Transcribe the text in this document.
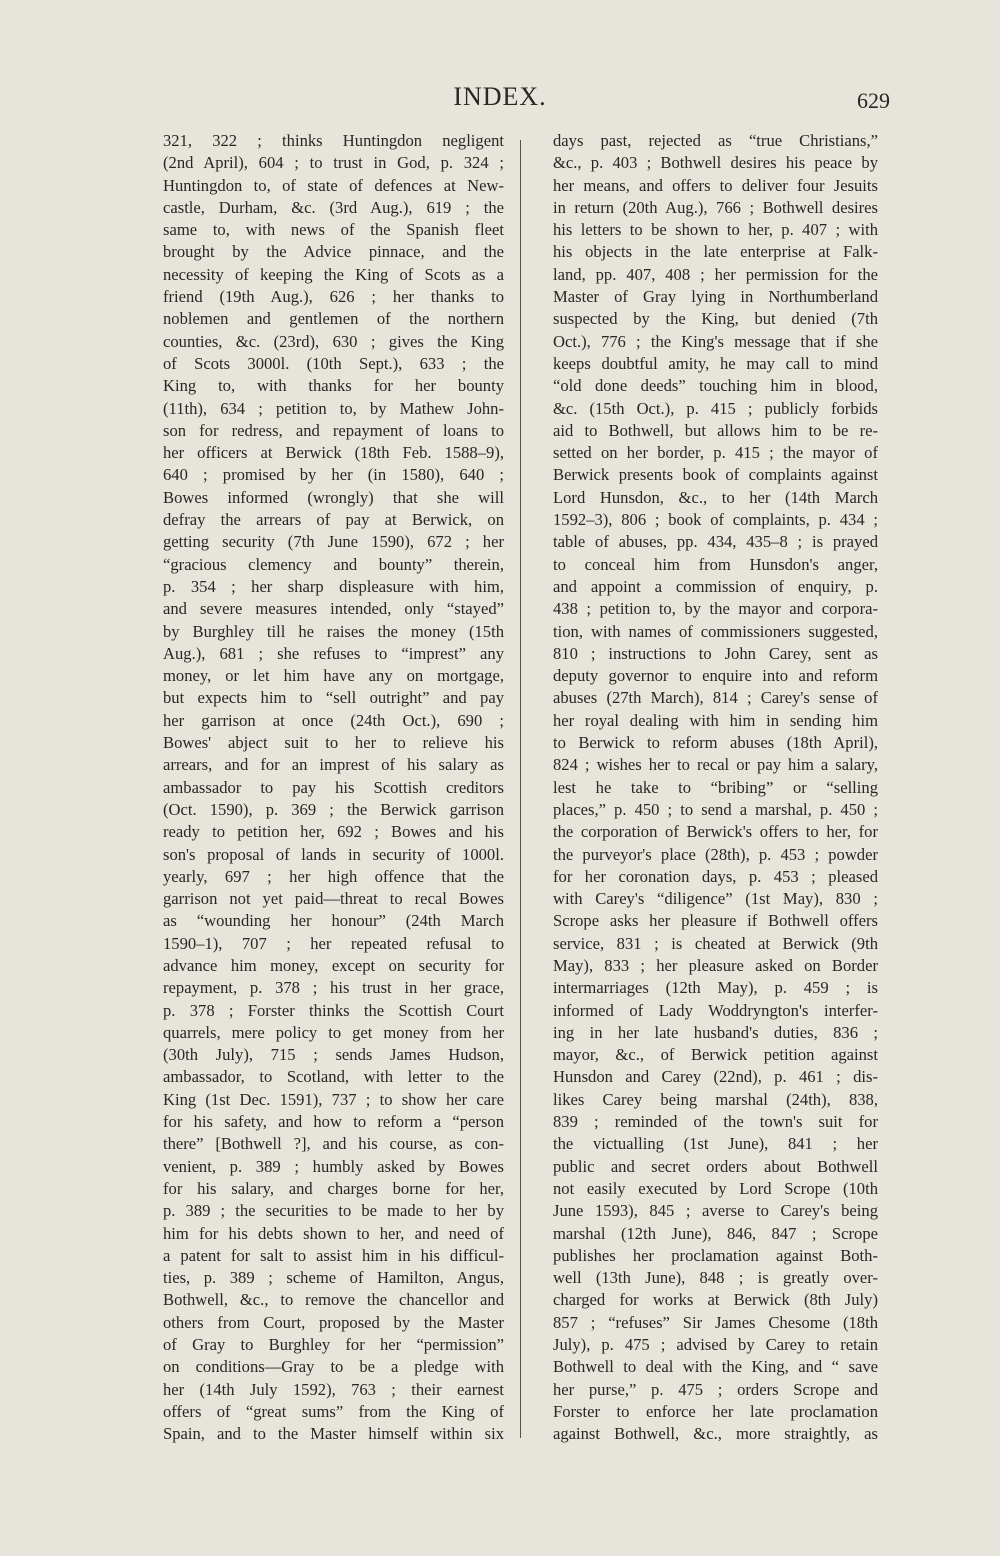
INDEX.	629
321, 322 ; thinks Huntingdon negligent
(2nd April), 604 ; to trust in God, p. 324 ;
Huntingdon to, of state of defences at New-
castle, Durham, &c. (3rd Aug.), 619 ; the
same to, with news of the Spanish fleet
brought by the Advice pinnace, and the
necessity of keeping the King of Scots as a
friend (19th Aug.), 626 ; her thanks to
noblemen and gentlemen of the northern
counties, &c. (23rd), 630 ; gives the King
of Scots 3000l. (10th Sept.), 633 ; the
King to, with thanks for her bounty
(11th), 634 ; petition to, by Mathew John-
son for redress, and repayment of loans to
her officers at Berwick (18th Feb. 1588–9),
640 ; promised by her (in 1580), 640 ;
Bowes informed (wrongly) that she will
defray the arrears of pay at Berwick, on
getting security (7th June 1590), 672 ; her
“gracious clemency and bounty” therein,
p. 354 ; her sharp displeasure with him,
and severe measures intended, only “stayed”
by Burghley till he raises the money (15th
Aug.), 681 ; she refuses to “imprest” any
money, or let him have any on mortgage,
but expects him to “sell outright” and pay
her garrison at once (24th Oct.), 690 ;
Bowes' abject suit to her to relieve his
arrears, and for an imprest of his salary as
ambassador to pay his Scottish creditors
(Oct. 1590), p. 369 ; the Berwick garrison
ready to petition her, 692 ; Bowes and his
son's proposal of lands in security of 1000l.
yearly, 697 ; her high offence that the
garrison not yet paid—threat to recal Bowes
as “wounding her honour” (24th March
1590–1), 707 ; her repeated refusal to
advance him money, except on security for
repayment, p. 378 ; his trust in her grace,
p. 378 ; Forster thinks the Scottish Court
quarrels, mere policy to get money from her
(30th July), 715 ; sends James Hudson,
ambassador, to Scotland, with letter to the
King (1st Dec. 1591), 737 ; to show her care
for his safety, and how to reform a “person
there” [Bothwell ?], and his course, as con-
venient, p. 389 ; humbly asked by Bowes
for his salary, and charges borne for her,
p. 389 ; the securities to be made to her by
him for his debts shown to her, and need of
a patent for salt to assist him in his difficul-
ties, p. 389 ; scheme of Hamilton, Angus,
Bothwell, &c., to remove the chancellor and
others from Court, proposed by the Master
of Gray to Burghley for her “permission”
on conditions—Gray to be a pledge with
her (14th July 1592), 763 ; their earnest
offers of “great sums” from the King of
Spain, and to the Master himself within six
days past, rejected as “true Christians,”
&c., p. 403 ; Bothwell desires his peace by
her means, and offers to deliver four Jesuits
in return (20th Aug.), 766 ; Bothwell desires
his letters to be shown to her, p. 407 ; with
his objects in the late enterprise at Falk-
land, pp. 407, 408 ; her permission for the
Master of Gray lying in Northumberland
suspected by the King, but denied (7th
Oct.), 776 ; the King's message that if she
keeps doubtful amity, he may call to mind
“old done deeds” touching him in blood,
&c. (15th Oct.), p. 415 ; publicly forbids
aid to Bothwell, but allows him to be re-
setted on her border, p. 415 ; the mayor of
Berwick presents book of complaints against
Lord Hunsdon, &c., to her (14th March
1592–3), 806 ; book of complaints, p. 434 ;
table of abuses, pp. 434, 435–8 ; is prayed
to conceal him from Hunsdon's anger,
and appoint a commission of enquiry, p.
438 ; petition to, by the mayor and corpora-
tion, with names of commissioners suggested,
810 ; instructions to John Carey, sent as
deputy governor to enquire into and reform
abuses (27th March), 814 ; Carey's sense of
her royal dealing with him in sending him
to Berwick to reform abuses (18th April),
824 ; wishes her to recal or pay him a salary,
lest he take to “bribing” or “selling
places,” p. 450 ; to send a marshal, p. 450 ;
the corporation of Berwick's offers to her, for
the purveyor's place (28th), p. 453 ; powder
for her coronation days, p. 453 ; pleased
with Carey's “diligence” (1st May), 830 ;
Scrope asks her pleasure if Bothwell offers
service, 831 ; is cheated at Berwick (9th
May), 833 ; her pleasure asked on Border
intermarriages (12th May), p. 459 ; is
informed of Lady Woddryngton's interfer-
ing in her late husband's duties, 836 ;
mayor, &c., of Berwick petition against
Hunsdon and Carey (22nd), p. 461 ; dis-
likes Carey being marshal (24th), 838,
839 ; reminded of the town's suit for
the victualling (1st June), 841 ; her
public and secret orders about Bothwell
not easily executed by Lord Scrope (10th
June 1593), 845 ; averse to Carey's being
marshal (12th June), 846, 847 ; Scrope
publishes her proclamation against Both-
well (13th June), 848 ; is greatly over-
charged for works at Berwick (8th July)
857 ; “refuses” Sir James Chesome (18th
July), p. 475 ; advised by Carey to retain
Bothwell to deal with the King, and “ save
her purse,” p. 475 ; orders Scrope and
Forster to enforce her late proclamation
against Bothwell, &c., more straightly, as
